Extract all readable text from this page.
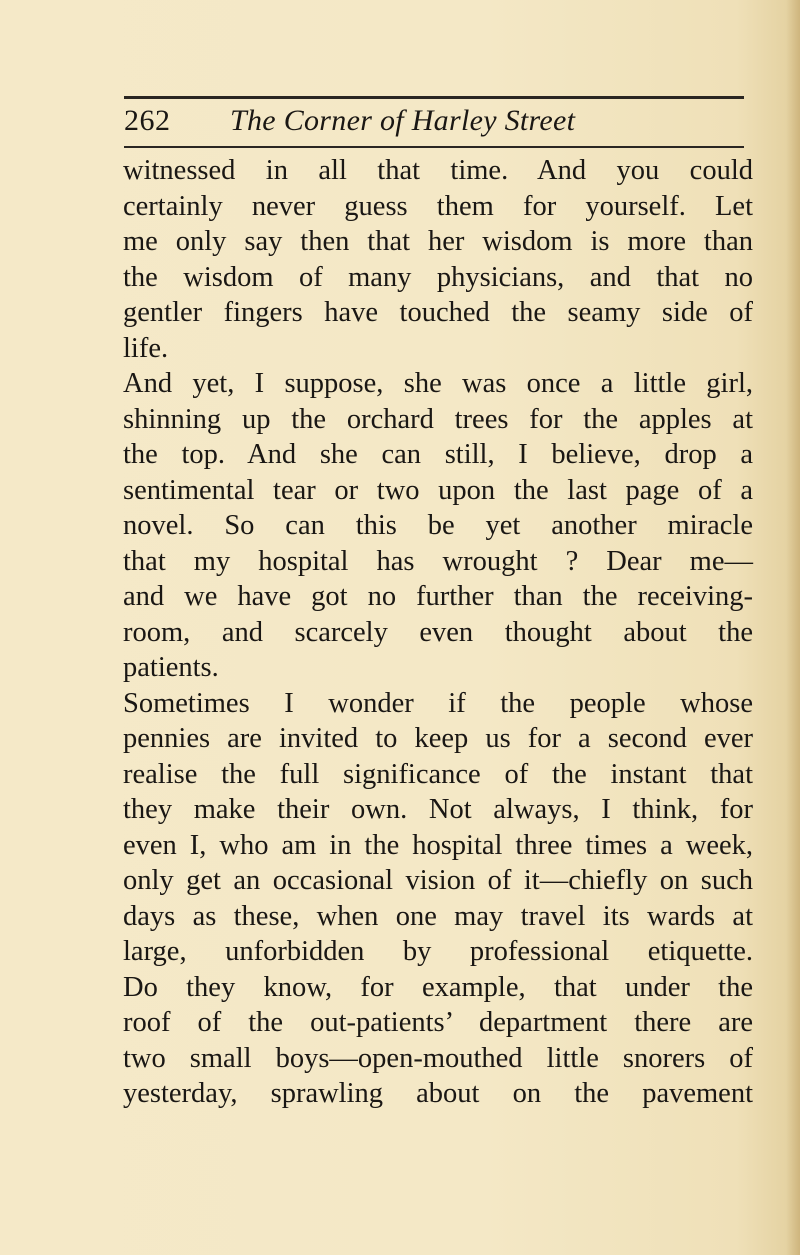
262 The Corner of Harley Street
witnessed in all that time. And you could
certainly never guess them for yourself. Let
me only say then that her wisdom is more than
the wisdom of many physicians, and that no
gentler fingers have touched the seamy side of
life.
And yet, I suppose, she was once a little girl,
shinning up the orchard trees for the apples at
the top. And she can still, I believe, drop a
sentimental tear or two upon the last page of a
novel. So can this be yet another miracle
that my hospital has wrought ? Dear me—
and we have got no further than the receiving-
room, and scarcely even thought about the
patients.
Sometimes I wonder if the people whose
pennies are invited to keep us for a second ever
realise the full significance of the instant that
they make their own. Not always, I think, for
even I, who am in the hospital three times a week,
only get an occasional vision of it—chiefly on such
days as these, when one may travel its wards at
large, unforbidden by professional etiquette.
Do they know, for example, that under the
roof of the out-patients’ department there are
two small boys—open-mouthed little snorers of
yesterday, sprawling about on the pavement
